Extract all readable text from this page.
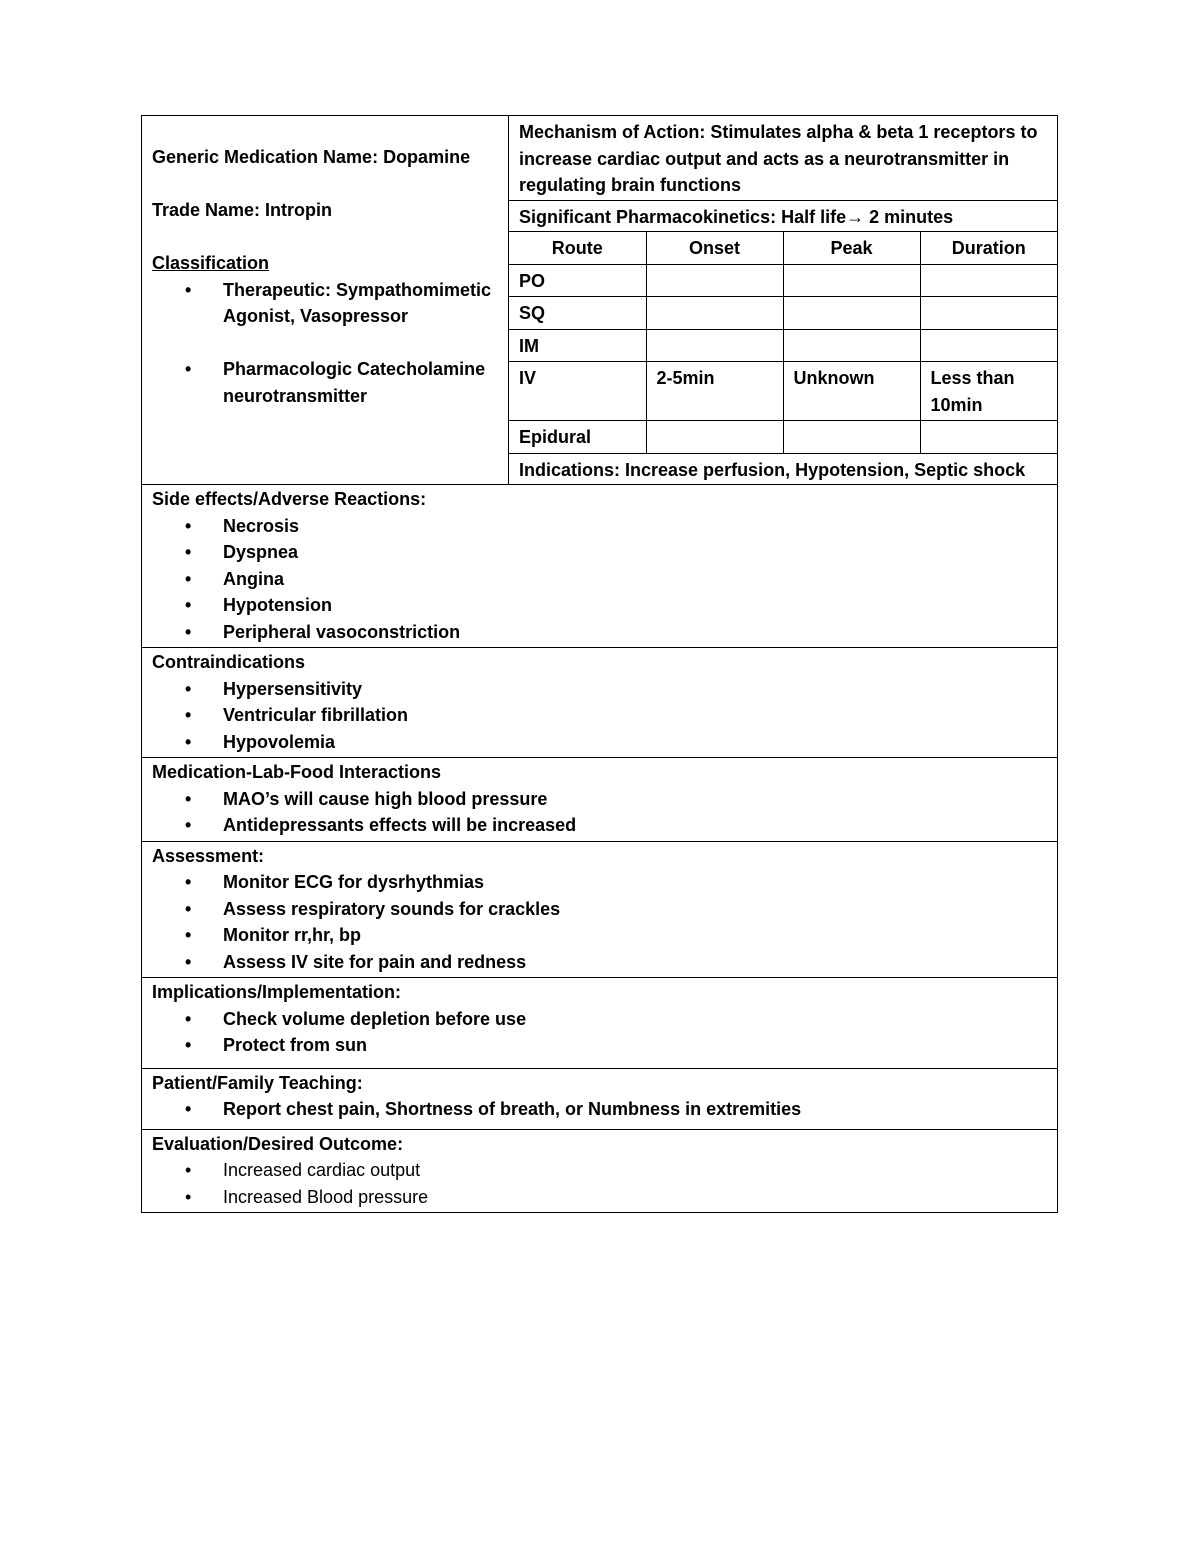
Generic Medication Name: Dopamine
Trade Name: Intropin
Classification
• Therapeutic: Sympathomimetic Agonist, Vasopressor
• Pharmacologic Catecholamine neurotransmitter
Mechanism of Action: Stimulates alpha & beta 1 receptors to increase cardiac output and acts as a neurotransmitter in regulating brain functions
Significant Pharmacokinetics: Half life→ 2 minutes
Route	Onset	Peak	Duration
PO			
SQ			
IM			
IV	2-5min	Unknown	Less than 10min
Epidural			
Indications: Increase perfusion, Hypotension, Septic shock
Side effects/Adverse Reactions:
• Necrosis
• Dyspnea
• Angina
• Hypotension
• Peripheral vasoconstriction
Contraindications
• Hypersensitivity
• Ventricular fibrillation
• Hypovolemia
Medication-Lab-Food Interactions
• MAO’s will cause high blood pressure
• Antidepressants effects will be increased
Assessment:
• Monitor ECG for dysrhythmias
• Assess respiratory sounds for crackles
• Monitor rr,hr, bp
• Assess IV site for pain and redness
Implications/Implementation:
• Check volume depletion before use
• Protect from sun
Patient/Family Teaching:
• Report chest pain, Shortness of breath, or Numbness in extremities
Evaluation/Desired Outcome:
• Increased cardiac output
• Increased Blood pressure
